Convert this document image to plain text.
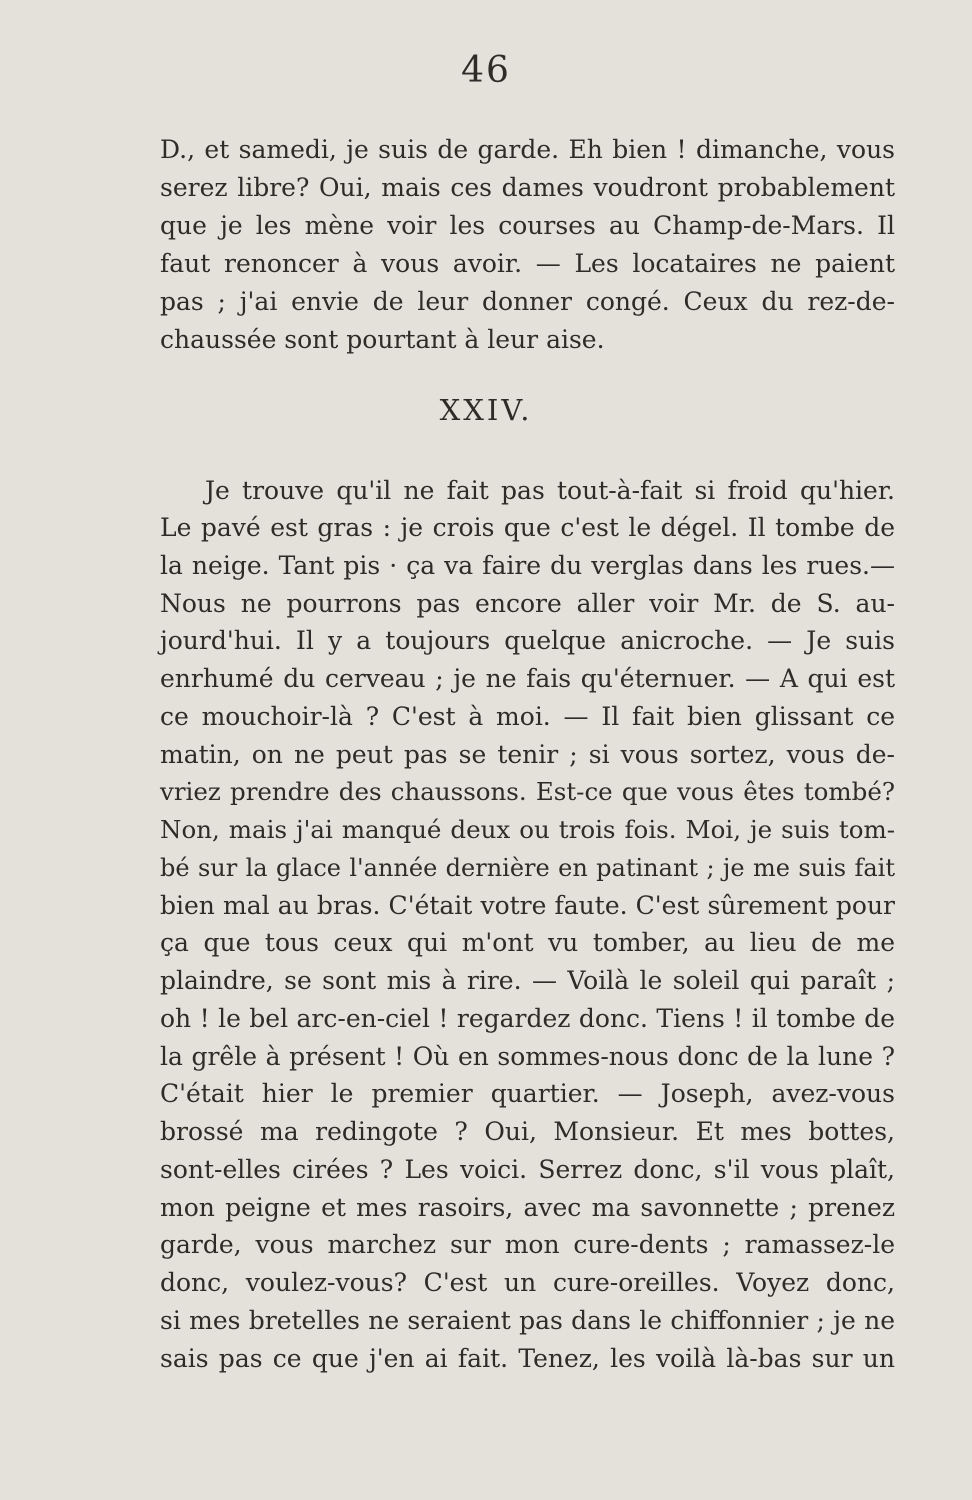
46
D., et samedi, je suis de garde. Eh bien ! dimanche, vous
serez libre? Oui, mais ces dames voudront probablement
que je les mène voir les courses au Champ-de-Mars. Il
faut renoncer à vous avoir. — Les locataires ne paient
pas ; j'ai envie de leur donner congé. Ceux du rez-de-
chaussée sont pourtant à leur aise.
XXIV.
Je trouve qu'il ne fait pas tout-à-fait si froid qu'hier.
Le pavé est gras : je crois que c'est le dégel. Il tombe de
la neige. Tant pis · ça va faire du verglas dans les rues.—
Nous ne pourrons pas encore aller voir Mr. de S. au-
jourd'hui. Il y a toujours quelque anicroche. — Je suis
enrhumé du cerveau ; je ne fais qu'éternuer. — A qui est
ce mouchoir-là ? C'est à moi. — Il fait bien glissant ce
matin, on ne peut pas se tenir ; si vous sortez, vous de-
vriez prendre des chaussons. Est-ce que vous êtes tombé?
Non, mais j'ai manqué deux ou trois fois. Moi, je suis tom-
bé sur la glace l'année dernière en patinant ; je me suis fait
bien mal au bras. C'était votre faute. C'est sûrement pour
ça que tous ceux qui m'ont vu tomber, au lieu de me
plaindre, se sont mis à rire. — Voilà le soleil qui paraît ;
oh ! le bel arc-en-ciel ! regardez donc. Tiens ! il tombe de
la grêle à présent ! Où en sommes-nous donc de la lune ?
C'était hier le premier quartier. — Joseph, avez-vous
brossé ma redingote ? Oui, Monsieur. Et mes bottes,
sont-elles cirées ? Les voici. Serrez donc, s'il vous plaît,
mon peigne et mes rasoirs, avec ma savonnette ; prenez
garde, vous marchez sur mon cure-dents ; ramassez-le
donc, voulez-vous? C'est un cure-oreilles. Voyez donc,
si mes bretelles ne seraient pas dans le chiffonnier ; je ne
sais pas ce que j'en ai fait. Tenez, les voilà là-bas sur un
